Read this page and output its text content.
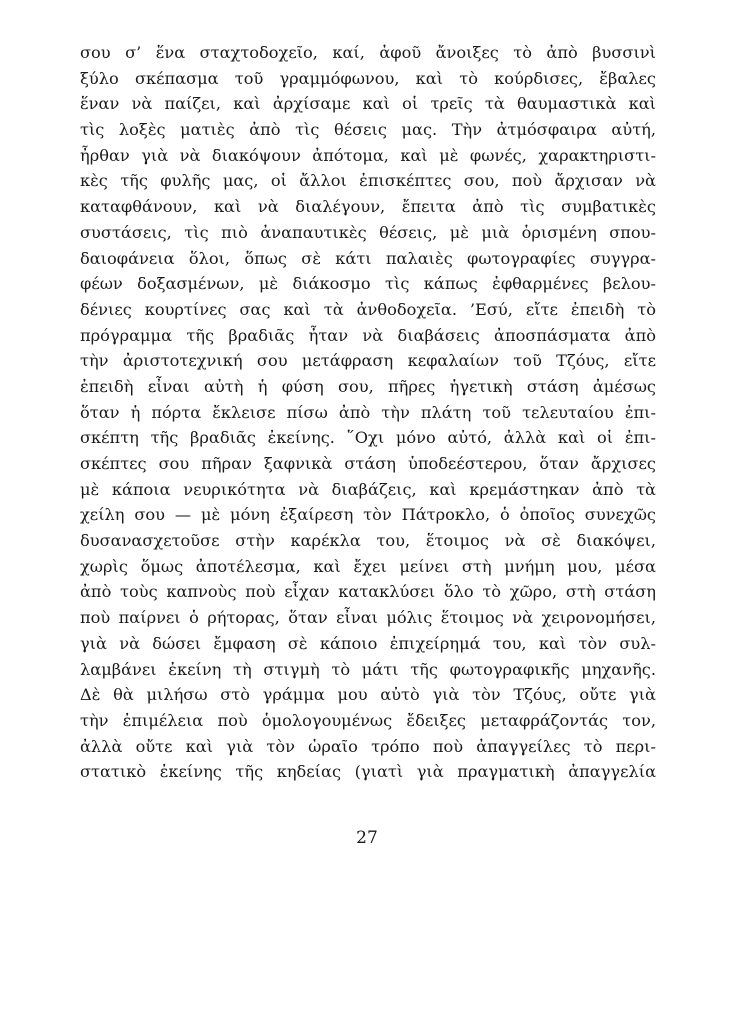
σου σ’ ἕνα σταχτοδοχεῖο, καί, ἀφοῦ ἄνοιξες τὸ ἀπὸ βυσσινὶ
ξύλο σκέπασμα τοῦ γραμμόφωνου, καὶ τὸ κούρδισες, ἔβαλες
ἕναν νὰ παίζει, καὶ ἀρχίσαμε καὶ οἱ τρεῖς τὰ θαυμαστικὰ καὶ
τὶς λοξὲς ματιὲς ἀπὸ τὶς θέσεις μας. Τὴν ἀτμόσφαιρα αὐτή,
ἦρθαν γιὰ νὰ διακόψουν ἀπότομα, καὶ μὲ φωνές, χαρακτηριστι-
κὲς τῆς φυλῆς μας, οἱ ἄλλοι ἐπισκέπτες σου, ποὺ ἄρχισαν νὰ
καταφθάνουν, καὶ νὰ διαλέγουν, ἔπειτα ἀπὸ τὶς συμβατικὲς
συστάσεις, τὶς πιὸ ἀναπαυτικὲς θέσεις, μὲ μιὰ ὁρισμένη σπου-
δαιοφάνεια ὅλοι, ὅπως σὲ κάτι παλαιὲς φωτογραφίες συγγρα-
φέων δοξασμένων, μὲ διάκοσμο τὶς κάπως ἐφθαρμένες βελου-
δένιες κουρτίνες σας καὶ τὰ ἀνθοδοχεῖα. ’Εσύ, εἴτε ἐπειδὴ τὸ
πρόγραμμα τῆς βραδιᾶς ἦταν νὰ διαβάσεις ἀποσπάσματα ἀπὸ
τὴν ἀριστοτεχνική σου μετάφραση κεφαλαίων τοῦ Τζόυς, εἴτε
ἐπειδὴ εἶναι αὐτὴ ἡ φύση σου, πῆρες ἡγετικὴ στάση ἀμέσως
ὅταν ἡ πόρτα ἔκλεισε πίσω ἀπὸ τὴν πλάτη τοῦ τελευταίου ἐπι-
σκέπτη τῆς βραδιᾶς ἐκείνης. ῞Οχι μόνο αὐτό, ἀλλὰ καὶ οἱ ἐπι-
σκέπτες σου πῆραν ξαφνικὰ στάση ὑποδεέστερου, ὅταν ἄρχισες
μὲ κάποια νευρικότητα νὰ διαβάζεις, καὶ κρεμάστηκαν ἀπὸ τὰ
χείλη σου — μὲ μόνη ἐξαίρεση τὸν Πάτροκλο, ὁ ὁποῖος συνεχῶς
δυσανασχετοῦσε στὴν καρέκλα του, ἕτοιμος νὰ σὲ διακόψει,
χωρὶς ὅμως ἀποτέλεσμα, καὶ ἔχει μείνει στὴ μνήμη μου, μέσα
ἀπὸ τοὺς καπνοὺς ποὺ εἶχαν κατακλύσει ὅλο τὸ χῶρο, στὴ στάση
ποὺ παίρνει ὁ ρήτορας, ὅταν εἶναι μόλις ἕτοιμος νὰ χειρονομήσει,
γιὰ νὰ δώσει ἔμφαση σὲ κάποιο ἐπιχείρημά του, καὶ τὸν συλ-
λαμβάνει ἐκείνη τὴ στιγμὴ τὸ μάτι τῆς φωτογραφικῆς μηχανῆς.
Δὲ θὰ μιλήσω στὸ γράμμα μου αὐτὸ γιὰ τὸν Τζόυς, οὔτε γιὰ
τὴν ἐπιμέλεια ποὺ ὁμολογουμένως ἔδειξες μεταφράζοντάς τον,
ἀλλὰ οὔτε καὶ γιὰ τὸν ὡραῖο τρόπο ποὺ ἀπαγγείλες τὸ περι-
στατικὸ ἐκείνης τῆς κηδείας (γιατὶ γιὰ πραγματικὴ ἀπαγγελία
27
